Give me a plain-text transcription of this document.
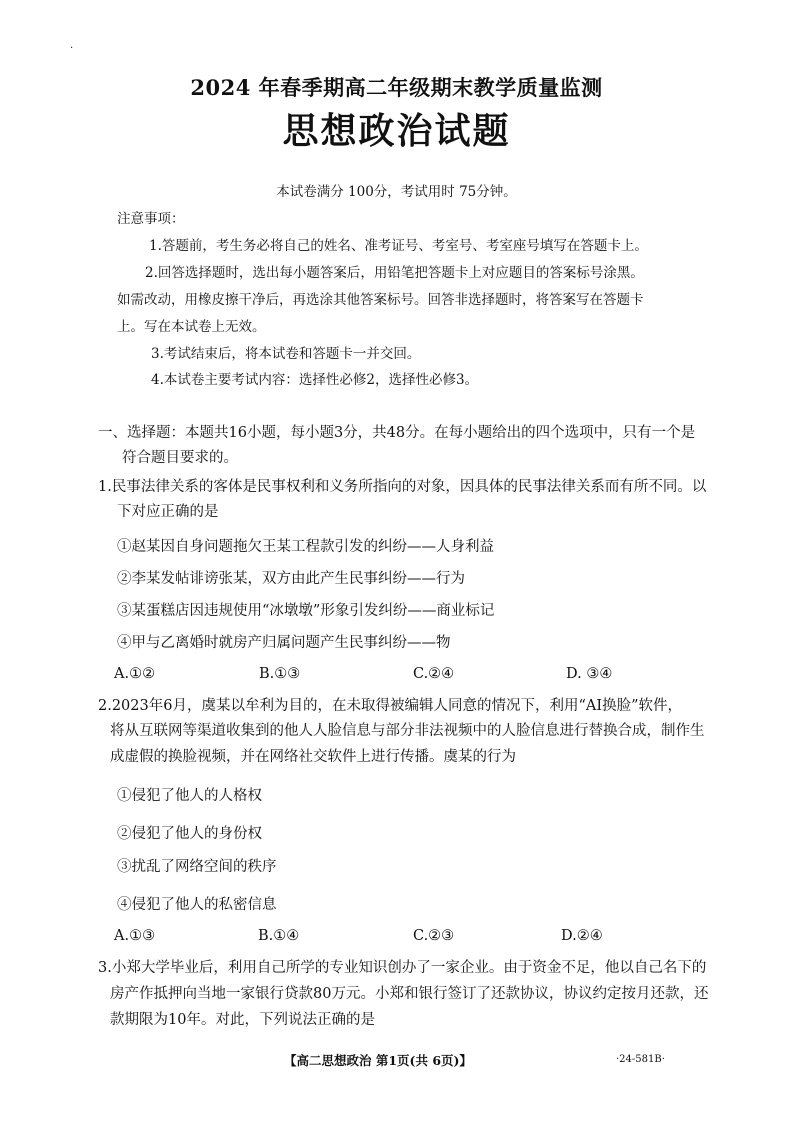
.
2024 年春季期高二年级期末教学质量监测
思想政治试题
本试卷满分 100分，考试用时 75分钟。
注意事项：
1.答题前，考生务必将自己的姓名、准考证号、考室号、考室座号填写在答题卡上。
2.回答选择题时，选出每小题答案后，用铅笔把答题卡上对应题目的答案标号涂黑。
如需改动，用橡皮擦干净后，再选涂其他答案标号。回答非选择题时，将答案写在答题卡
上。写在本试卷上无效。
3.考试结束后，将本试卷和答题卡一并交回。
4.本试卷主要考试内容：选择性必修2，选择性必修3。
一、选择题：本题共16小题，每小题3分，共48分。在每小题给出的四个选项中，只有一个是
符合题目要求的。
1.民事法律关系的客体是民事权利和义务所指向的对象，因具体的民事法律关系而有所不同。以
下对应正确的是
①赵某因自身问题拖欠王某工程款引发的纠纷——人身利益
②李某发帖诽谤张某，双方由此产生民事纠纷——行为
③某蛋糕店因违规使用“冰墩墩”形象引发纠纷——商业标记
④甲与乙离婚时就房产归属问题产生民事纠纷——物
A.①②	B.①③	C.②④	D. ③④
2.2023年6月，虞某以牟利为目的，在未取得被编辑人同意的情况下，利用“AI换脸”软件，
将从互联网等渠道收集到的他人人脸信息与部分非法视频中的人脸信息进行替换合成，制作生
成虚假的换脸视频，并在网络社交软件上进行传播。虞某的行为
①侵犯了他人的人格权
②侵犯了他人的身份权
③扰乱了网络空间的秩序
④侵犯了他人的私密信息
A.①③	B.①④	C.②③	D.②④
3.小郑大学毕业后，利用自己所学的专业知识创办了一家企业。由于资金不足，他以自己名下的
房产作抵押向当地一家银行贷款80万元。小郑和银行签订了还款协议，协议约定按月还款，还
款期限为10年。对此，下列说法正确的是
【高二思想政治 第1页(共 6页)】	·24-581B·
